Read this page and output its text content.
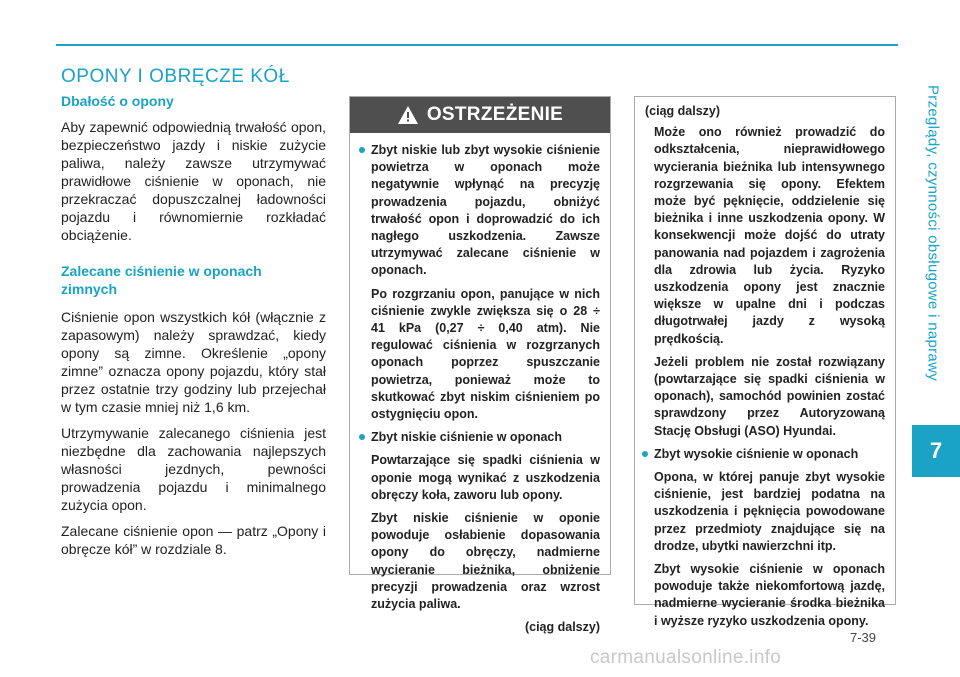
Przeglądy, czynności obsługowe i naprawy
7
OPONY I OBRĘCZE KÓŁ
Dbałość o opony

Aby zapewnić odpowiednią trwałość opon, bezpieczeństwo jazdy i niskie zużycie paliwa, należy zawsze utrzymywać prawidłowe ciśnienie w oponach, nie przekraczać dopuszczalnej ładowności pojazdu i równomiernie rozkładać obciążenie.

Zalecane ciśnienie w oponach
zimnych

Ciśnienie opon wszystkich kół (włącznie z zapasowym) należy sprawdzać, kiedy opony są zimne. Określenie „opony zimne” oznacza opony pojazdu, który stał przez ostatnie trzy godziny lub przejechał w tym czasie mniej niż 1,6 km.

Utrzymywanie zalecanego ciśnienia jest niezbędne dla zachowania najlepszych własności jezdnych, pewności prowadzenia pojazdu i minimalnego zużycia opon.

Zalecane ciśnienie opon — patrz „Opony i obręcze kół” w rozdziale 8.

OSTRZEŻENIE
Zbyt niskie lub zbyt wysokie ciśnienie powietrza w oponach może negatywnie wpłynąć na precyzję prowadzenia pojazdu, obniżyć trwałość opon i doprowadzić do ich nagłego uszkodzenia. Zawsze utrzymywać zalecane ciśnienie w oponach.
Po rozgrzaniu opon, panujące w nich ciśnienie zwykle zwiększa się o 28 ÷ 41 kPa (0,27 ÷ 0,40 atm). Nie regulować ciśnienia w rozgrzanych oponach poprzez spuszczanie powietrza, ponieważ może to skutkować zbyt niskim ciśnieniem po ostygnięciu opon.
Zbyt niskie ciśnienie w oponach
Powtarzające się spadki ciśnienia w oponie mogą wynikać z uszkodzenia obręczy koła, zaworu lub opony.
Zbyt niskie ciśnienie w oponie powoduje osłabienie dopasowania opony do obręczy, nadmierne wycieranie bieżnika, obniżenie precyzji prowadzenia oraz wzrost zużycia paliwa.
(ciąg dalszy)
(ciąg dalszy)
Może ono również prowadzić do odkształcenia, nieprawidłowego wycierania bieżnika lub intensywnego rozgrzewania się opony. Efektem może być pęknięcie, oddzielenie się bieżnika i inne uszkodzenia opony. W konsekwencji może dojść do utraty panowania nad pojazdem i zagrożenia dla zdrowia lub życia. Ryzyko uszkodzenia opony jest znacznie większe w upalne dni i podczas długotrwałej jazdy z wysoką prędkością.
Jeżeli problem nie został rozwiązany (powtarzające się spadki ciśnienia w oponach), samochód powinien zostać sprawdzony przez Autoryzowaną Stację Obsługi (ASO) Hyundai.
Zbyt wysokie ciśnienie w oponach
Opona, w której panuje zbyt wysokie ciśnienie, jest bardziej podatna na uszkodzenia i pęknięcia powodowane przez przedmioty znajdujące się na drodze, ubytki nawierzchni itp.
Zbyt wysokie ciśnienie w oponach powoduje także niekomfortową jazdę, nadmierne wycieranie środka bieżnika i wyższe ryzyko uszkodzenia opony.
7-39
carmanualsonline.info
